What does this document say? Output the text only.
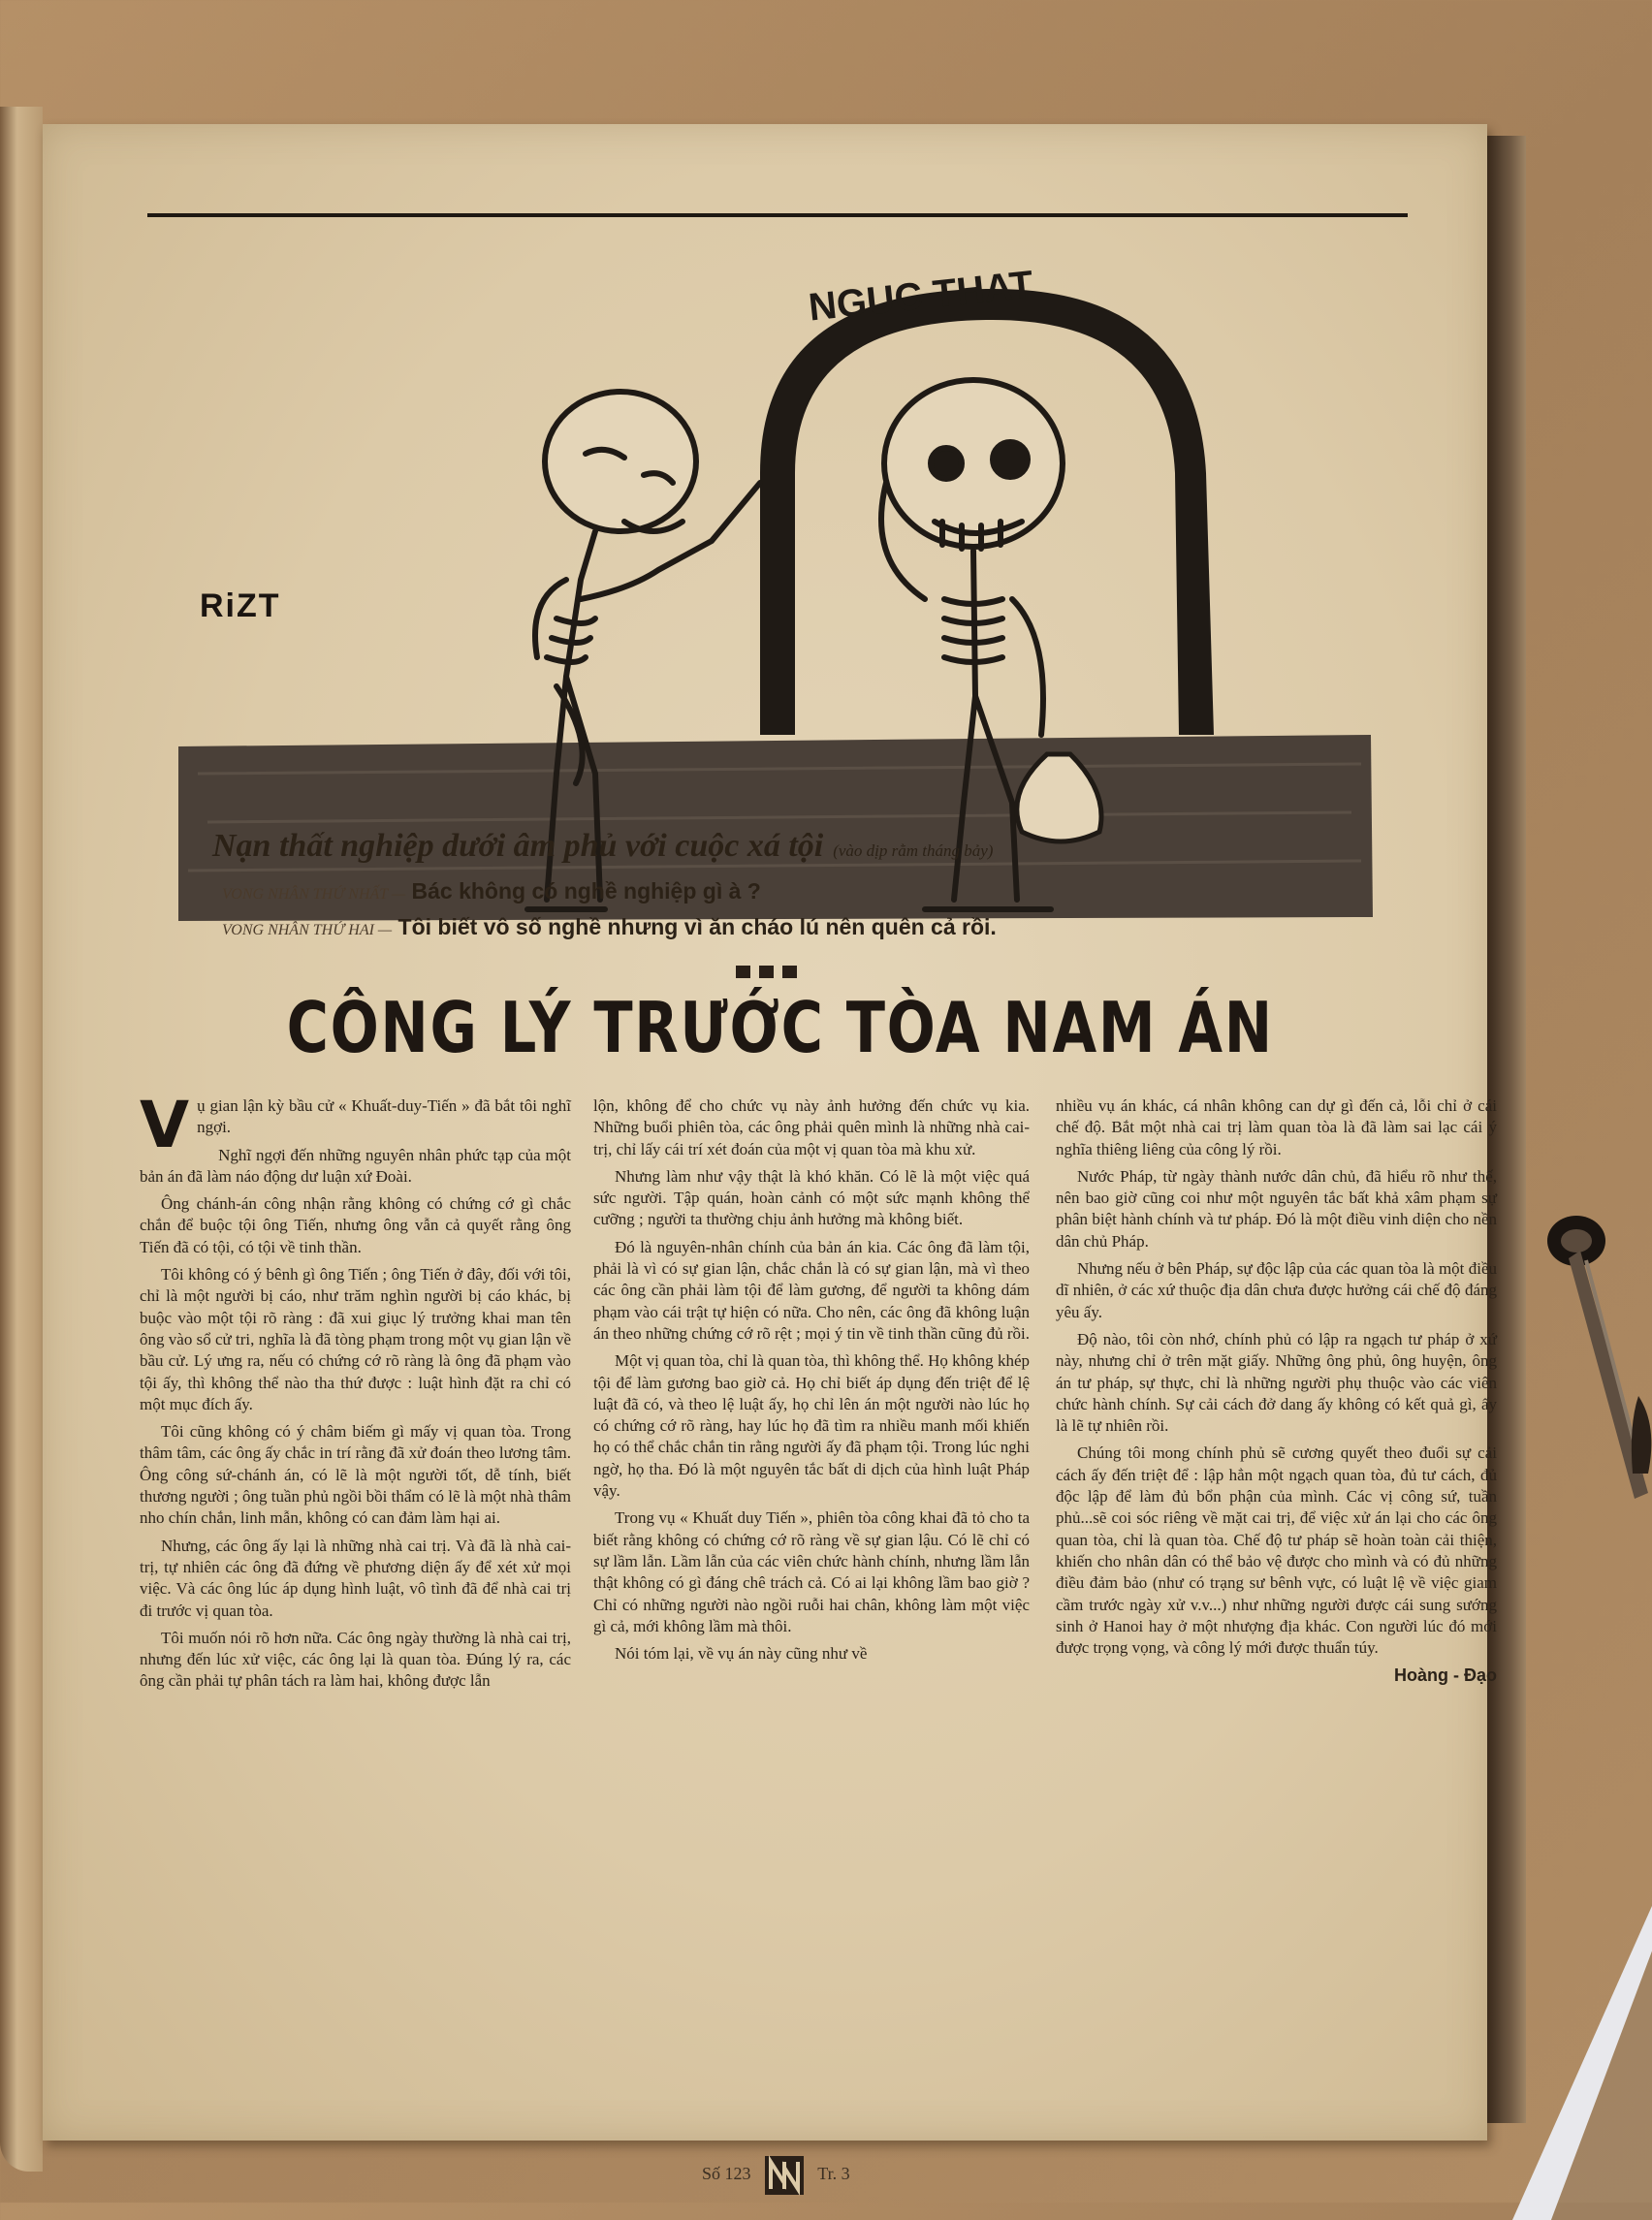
NGUC THAT
RiZT
Nạn thất nghiệp dưới âm phủ với cuộc xá tội (vào dịp rằm tháng bảy)
VONG NHÂN THỨ NHẤT — Bác không có nghề nghiệp gì à ?
VONG NHÂN THỨ HAI — Tôi biết vô số nghề nhưng vì ăn cháo lú nên quên cả rồi.
CÔNG LÝ TRƯỚC TÒA NAM ÁN

Vụ gian lận kỳ bầu cử « Khuất-duy-Tiến » đã bắt tôi nghĩ ngợi.

Nghĩ ngợi đến những nguyên nhân phức tạp của một bản án đã làm náo động dư luận xứ Đoài.

Ông chánh-án công nhận rằng không có chứng cớ gì chắc chắn để buộc tội ông Tiến, nhưng ông vẫn cả quyết rằng ông Tiến đã có tội, có tội về tinh thần.

Tôi không có ý bênh gì ông Tiến ; ông Tiến ở đây, đối với tôi, chỉ là một người bị cáo, như trăm nghìn người bị cáo khác, bị buộc vào một tội rõ ràng : đã xui giục lý trưởng khai man tên ông vào sổ cử tri, nghĩa là đã tòng phạm trong một vụ gian lận về bầu cử. Lý ưng ra, nếu có chứng cớ rõ ràng là ông đã phạm vào tội ấy, thì không thể nào tha thứ được : luật hình đặt ra chỉ có một mục đích ấy.

Tôi cũng không có ý châm biếm gì mấy vị quan tòa. Trong thâm tâm, các ông ấy chắc in trí rằng đã xử đoán theo lương tâm. Ông công sứ-chánh án, có lẽ là một người tốt, dễ tính, biết thương người ; ông tuần phủ ngồi bồi thẩm có lẽ là một nhà thâm nho chín chắn, linh mẫn, không có can đảm làm hại ai.

Nhưng, các ông ấy lại là những nhà cai trị. Và đã là nhà cai-trị, tự nhiên các ông đã đứng về phương diện ấy để xét xử mọi việc. Và các ông lúc áp dụng hình luật, vô tình đã để nhà cai trị đi trước vị quan tòa.

Tôi muốn nói rõ hơn nữa. Các ông ngày thường là nhà cai trị, nhưng đến lúc xử việc, các ông lại là quan tòa. Đúng lý ra, các ông cần phải tự phân tách ra làm hai, không được lẫn

lộn, không để cho chức vụ này ảnh hưởng đến chức vụ kia. Những buổi phiên tòa, các ông phải quên mình là những nhà cai-trị, chỉ lấy cái trí xét đoán của một vị quan tòa mà khu xử.

Nhưng làm như vậy thật là khó khăn. Có lẽ là một việc quá sức người. Tập quán, hoàn cảnh có một sức mạnh không thể cưỡng ; người ta thường chịu ảnh hưởng mà không biết.

Đó là nguyên-nhân chính của bản án kia. Các ông đã làm tội, phải là vì có sự gian lận, chắc chắn là có sự gian lận, mà vì theo các ông cần phải làm tội để làm gương, để người ta không dám phạm vào cái trật tự hiện có nữa. Cho nên, các ông đã không luận án theo những chứng cớ rõ rệt ; mọi ý tin về tinh thần cũng đủ rồi.

Một vị quan tòa, chỉ là quan tòa, thì không thể. Họ không khép tội để làm gương bao giờ cả. Họ chỉ biết áp dụng đến triệt để lệ luật đã có, và theo lệ luật ấy, họ chỉ lên án một người nào lúc họ có chứng cớ rõ ràng, hay lúc họ đã tìm ra nhiều manh mối khiến họ có thể chắc chắn tin rằng người ấy đã phạm tội. Trong lúc nghi ngờ, họ tha. Đó là một nguyên tắc bất di dịch của hình luật Pháp vậy.

Trong vụ « Khuất duy Tiến », phiên tòa công khai đã tỏ cho ta biết rằng không có chứng cớ rõ ràng về sự gian lậu. Có lẽ chỉ có sự lầm lẫn. Lầm lẫn của các viên chức hành chính, nhưng lầm lẫn thật không có gì đáng chê trách cả. Có ai lại không lầm bao giờ ? Chỉ có những người nào ngồi ruỗi hai chân, không làm một việc gì cả, mới không lầm mà thôi.

Nói tóm lại, về vụ án này cũng như về

nhiều vụ án khác, cá nhân không can dự gì đến cả, lỗi chỉ ở cái chế độ. Bắt một nhà cai trị làm quan tòa là đã làm sai lạc cái ý nghĩa thiêng liêng của công lý rồi.

Nước Pháp, từ ngày thành nước dân chủ, đã hiểu rõ như thế, nên bao giờ cũng coi như một nguyên tắc bất khả xâm phạm sự phân biệt hành chính và tư pháp. Đó là một điều vinh diện cho nền dân chủ Pháp.

Nhưng nếu ở bên Pháp, sự độc lập của các quan tòa là một điều dĩ nhiên, ở các xứ thuộc địa dân chưa được hưởng cái chế độ đáng yêu ấy.

Độ nào, tôi còn nhớ, chính phủ có lập ra ngạch tư pháp ở xứ này, nhưng chỉ ở trên mặt giấy. Những ông phủ, ông huyện, ông án tư pháp, sự thực, chỉ là những người phụ thuộc vào các viên chức hành chính. Sự cải cách đở dang ấy không có kết quả gì, ấy là lẽ tự nhiên rồi.

Chúng tôi mong chính phủ sẽ cương quyết theo đuổi sự cải cách ấy đến triệt để : lập hẳn một ngạch quan tòa, đủ tư cách, đủ độc lập để làm đủ bổn phận của mình. Các vị công sứ, tuần phủ...sẽ coi sóc riêng về mặt cai trị, để việc xử án lại cho các ông quan tòa, chỉ là quan tòa. Chế độ tư pháp sẽ hoàn toàn cải thiện, khiến cho nhân dân có thể bảo vệ được cho mình và có đủ những điều đảm bảo (như có trạng sư bênh vực, có luật lệ về việc giam cầm trước ngày xử v.v...) như những người được cái sung sướng sinh ở Hanoi hay ở một nhượng địa khác. Con người lúc đó mới được trọng vọng, và công lý mới được thuẩn túy.

Hoàng - Đạo
Số 123	Tr. 3
